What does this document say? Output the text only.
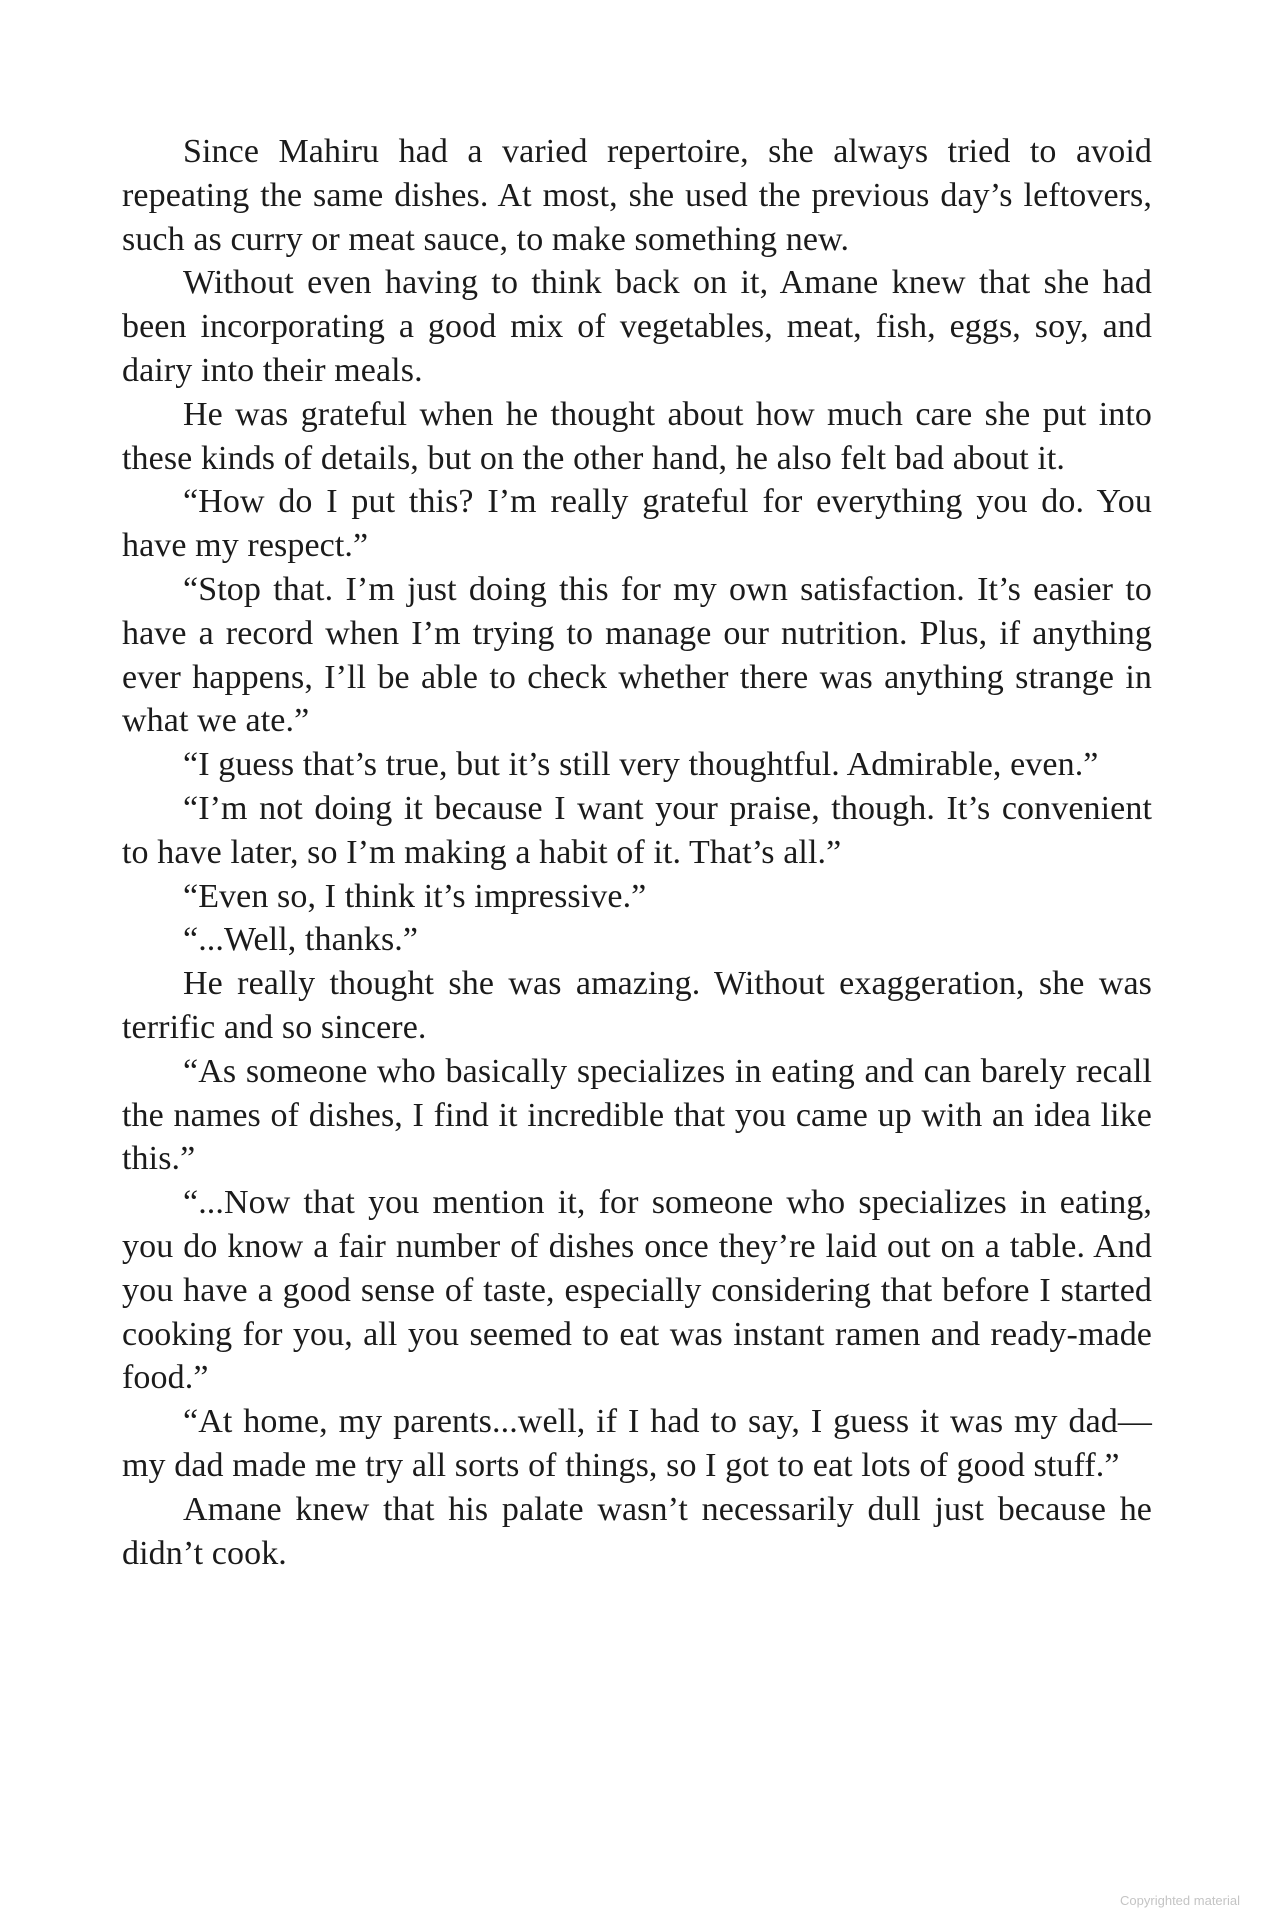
Since Mahiru had a varied repertoire, she always tried to avoid repeating the same dishes. At most, she used the previous day’s leftovers, such as curry or meat sauce, to make something new.

Without even having to think back on it, Amane knew that she had been incorporating a good mix of vegetables, meat, fish, eggs, soy, and dairy into their meals.

He was grateful when he thought about how much care she put into these kinds of details, but on the other hand, he also felt bad about it.

“How do I put this? I’m really grateful for everything you do. You have my respect.”

“Stop that. I’m just doing this for my own satisfaction. It’s easier to have a record when I’m trying to manage our nutrition. Plus, if anything ever happens, I’ll be able to check whether there was anything strange in what we ate.”

“I guess that’s true, but it’s still very thoughtful. Admirable, even.”

“I’m not doing it because I want your praise, though. It’s convenient to have later, so I’m making a habit of it. That’s all.”

“Even so, I think it’s impressive.”

“...Well, thanks.”

He really thought she was amazing. Without exaggeration, she was terrific and so sincere.

“As someone who basically specializes in eating and can barely recall the names of dishes, I find it incredible that you came up with an idea like this.”

“...Now that you mention it, for someone who specializes in eating, you do know a fair number of dishes once they’re laid out on a table. And you have a good sense of taste, especially considering that before I started cooking for you, all you seemed to eat was instant ramen and ready-made food.”

“At home, my parents...well, if I had to say, I guess it was my dad—my dad made me try all sorts of things, so I got to eat lots of good stuff.”

Amane knew that his palate wasn’t necessarily dull just because he didn’t cook.

Copyrighted material
